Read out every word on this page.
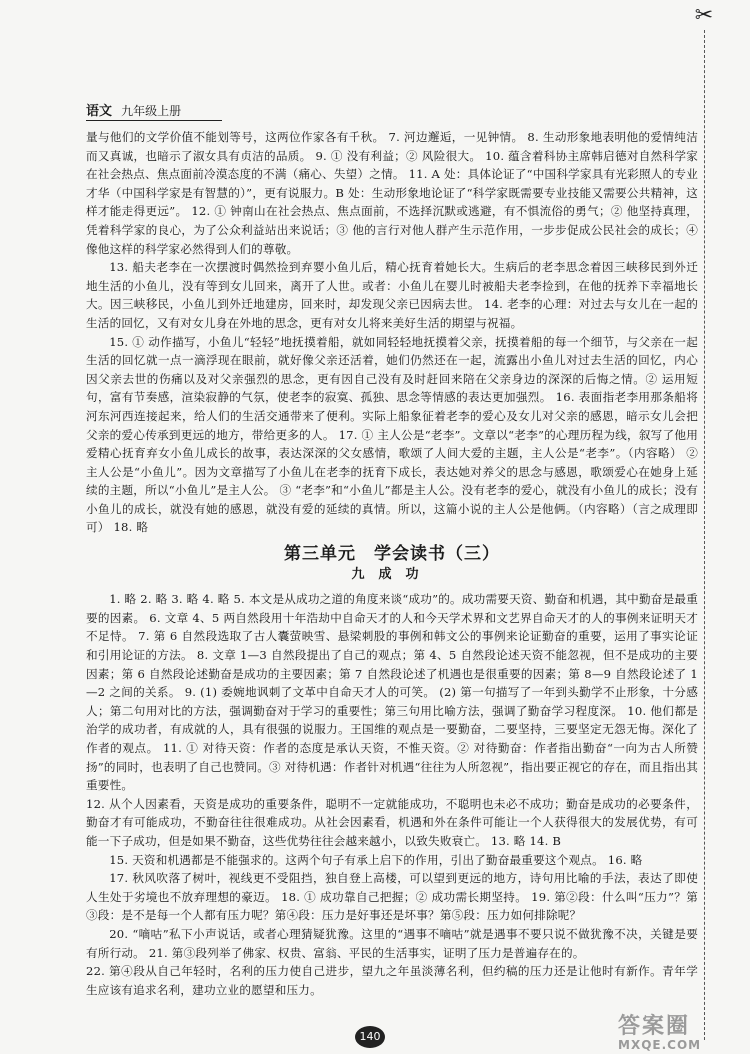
✂
语文 九年级上册

量与他们的文学价值不能划等号，这两位作家各有千秋。 7. 河边邂逅，一见钟情。 8. 生动形象地表明他的爱情纯洁而又真诚，也暗示了淑女具有贞洁的品质。 9. ① 没有利益；② 风险很大。 10. 蕴含着科协主席韩启德对自然科学家在社会热点、焦点面前冷漠态度的不满（痛心、失望）之情。 11. A 处：具体论证了“中国科学家具有光彩照人的专业才华（中国科学家是有智慧的）”，更有说服力。B 处：生动形象地论证了“科学家既需要专业技能又需要公共精神，这样才能走得更远”。 12. ① 钟南山在社会热点、焦点面前，不选择沉默或逃避，有不惧流俗的勇气；② 他坚持真理，凭着科学家的良心，为了公众利益站出来说话；③ 他的言行对他人群产生示范作用，一步步促成公民社会的成长；④ 像他这样的科学家必然得到人们的尊敬。

13. 船夫老李在一次摆渡时偶然捡到弃婴小鱼儿后，精心抚育着她长大。生病后的老李思念着因三峡移民到外迁地生活的小鱼儿，没有等到女儿回来，离开了人世。或者：小鱼儿在婴儿时被船夫老李捡到，在他的抚养下幸福地长大。因三峡移民，小鱼儿到外迁地建房，回来时，却发现父亲已因病去世。 14. 老李的心理：对过去与女儿在一起的生活的回忆，又有对女儿身在外地的思念，更有对女儿将来美好生活的期望与祝福。

15. ① 动作描写，小鱼儿“轻轻”地抚摸着船，就如同轻轻地抚摸着父亲，抚摸着船的每一个细节，与父亲在一起生活的回忆就一点一滴浮现在眼前，就好像父亲还活着，她们仍然还在一起，流露出小鱼儿对过去生活的回忆，内心因父亲去世的伤痛以及对父亲强烈的思念，更有因自己没有及时赶回来陪在父亲身边的深深的后悔之情。② 运用短句，富有节奏感，渲染寂静的气氛，使老李的寂寞、孤独、思念等情感的表达更加强烈。 16. 表面指老李用那条船将河东河西连接起来，给人们的生活交通带来了便利。实际上船象征着老李的爱心及女儿对父亲的感恩，暗示女儿会把父亲的爱心传承到更远的地方，带给更多的人。 17. ① 主人公是“老李”。文章以“老李”的心理历程为线，叙写了他用爱精心抚育弃女小鱼儿成长的故事，表达深深的父女感情，歌颂了人间大爱的主题，主人公是“老李”。（内容略） ② 主人公是“小鱼儿”。因为文章描写了小鱼儿在老李的抚育下成长，表达她对养父的思念与感恩，歌颂爱心在她身上延续的主题，所以“小鱼儿”是主人公。 ③ “老李”和“小鱼儿”都是主人公。没有老李的爱心，就没有小鱼儿的成长；没有小鱼儿的成长，就没有她的感恩，就没有爱的延续的真情。所以，这篇小说的主人公是他俩。（内容略）（言之成理即可） 18. 略

第三单元　学会读书（三）
九成功

1. 略 2. 略 3. 略 4. 略 5. 本文是从成功之道的角度来谈“成功”的。成功需要天资、勤奋和机遇，其中勤奋是最重要的因素。 6. 文章 4、5 两自然段用十年浩劫中自命天才的人和今天学术界和文艺界自命天才的人的事例来证明天才不足恃。 7. 第 6 自然段选取了古人囊萤映雪、悬梁刺股的事例和韩文公的事例来论证勤奋的重要，运用了事实论证和引用论证的方法。 8. 文章 1—3 自然段提出了自己的观点；第 4、5 自然段论述天资不能忽视，但不是成功的主要因素；第 6 自然段论述勤奋是成功的主要因素；第 7 自然段论述了机遇也是很重要的因素；第 8—9 自然段论述了 1—2 之间的关系。 9. (1) 委婉地讽刺了文革中自命天才人的可笑。 (2) 第一句描写了一年到头勤学不止形象，十分感人；第二句用对比的方法，强调勤奋对于学习的重要性；第三句用比喻方法，强调了勤奋学习程度深。 10. 他们都是治学的成功者，有成就的人，具有很强的说服力。王国维的观点是一要勤奋，二要坚持，三要坚定无怨无悔。深化了作者的观点。 11. ① 对待天资：作者的态度是承认天资，不惟天资。② 对待勤奋：作者指出勤奋“一向为古人所赞扬”的同时，也表明了自己也赞同。③ 对待机遇：作者针对机遇“往往为人所忽视”，指出要正视它的存在，而且指出其重要性。

12. 从个人因素看，天资是成功的重要条件，聪明不一定就能成功，不聪明也未必不成功；勤奋是成功的必要条件，勤奋才有可能成功，不勤奋往往很难成功。从社会因素看，机遇和外在条件可能让一个人获得很大的发展优势，有可能一下子成功，但是如果不勤奋，这些优势往往会越来越小，以致失败衰亡。 13. 略 14. B

15. 天资和机遇都是不能强求的。这两个句子有承上启下的作用，引出了勤奋最重要这个观点。 16. 略

17. 秋风吹落了树叶，视线更不受阻挡，独自登上高楼，可以望到更远的地方，诗句用比喻的手法，表达了即使人生处于劣境也不放弃理想的豪迈。 18. ① 成功靠自己把握；② 成功需长期坚持。 19. 第②段：什么叫“压力”？第③段：是不是每一个人都有压力呢？第④段：压力是好事还是坏事？第⑤段：压力如何排除呢？

20. “嘀咕”私下小声说话，或者心理猜疑犹豫。这里的“遇事不嘀咕”就是遇事不要只说不做犹豫不决，关键是要有所行动。 21. 第③段列举了佛家、权贵、富翁、平民的生活事实，证明了压力是普遍存在的。

22. 第④段从自己年轻时，名利的压力使自己进步，望九之年虽淡薄名利，但约稿的压力还是让他时有新作。青年学生应该有追求名利，建功立业的愿望和压力。

140	答案圈
MXQE.COM
